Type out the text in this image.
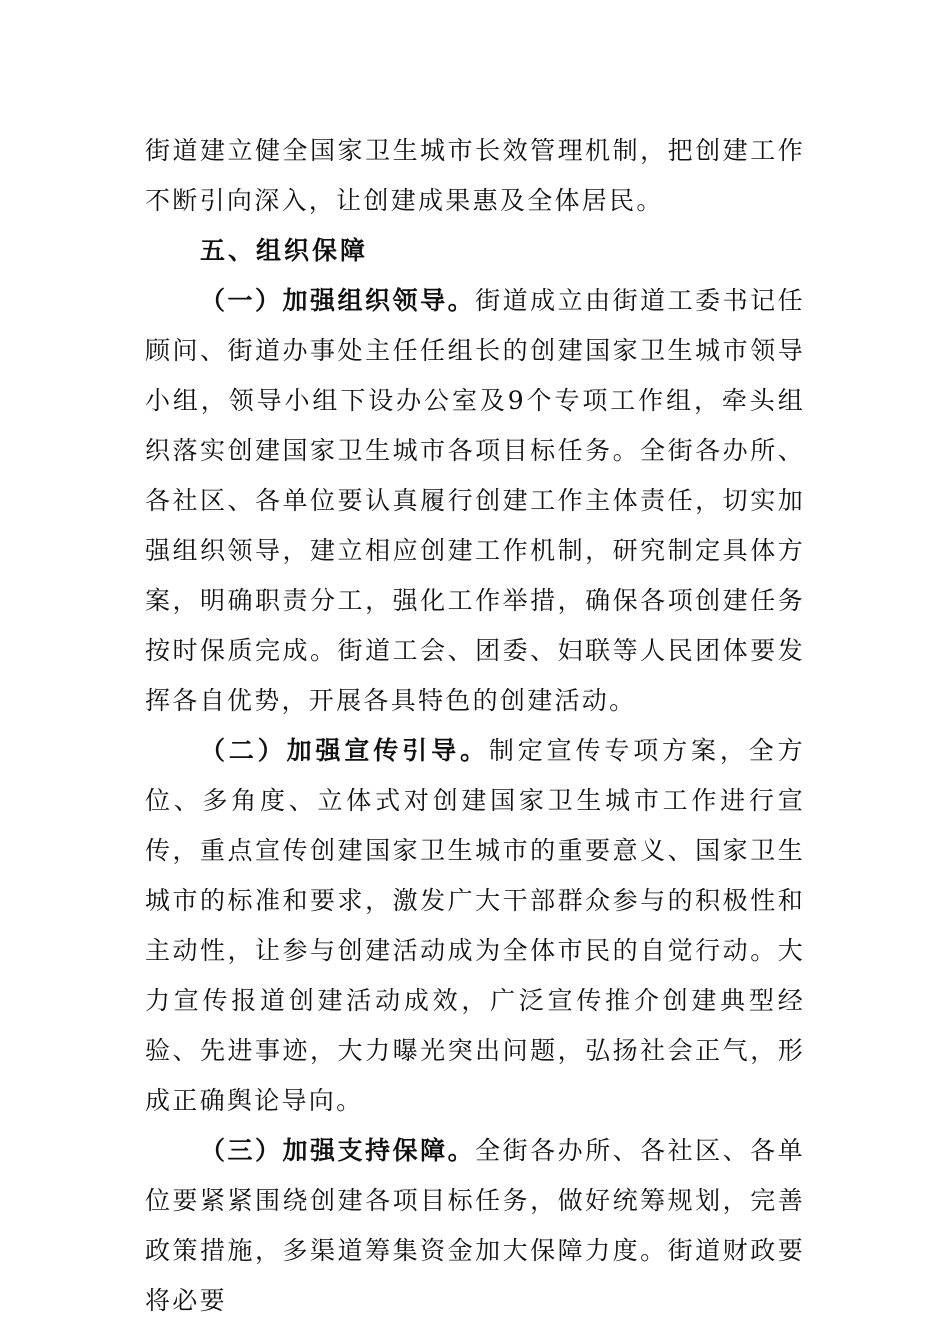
街道建立健全国家卫生城市长效管理机制，把创建工作不断引向深入，让创建成果惠及全体居民。

五、组织保障

（一）加强组织领导。街道成立由街道工委书记任顾问、街道办事处主任任组长的创建国家卫生城市领导小组，领导小组下设办公室及9个专项工作组，牵头组织落实创建国家卫生城市各项目标任务。全街各办所、各社区、各单位要认真履行创建工作主体责任，切实加强组织领导，建立相应创建工作机制，研究制定具体方案，明确职责分工，强化工作举措，确保各项创建任务按时保质完成。街道工会、团委、妇联等人民团体要发挥各自优势，开展各具特色的创建活动。

（二）加强宣传引导。制定宣传专项方案，全方位、多角度、立体式对创建国家卫生城市工作进行宣传，重点宣传创建国家卫生城市的重要意义、国家卫生城市的标准和要求，激发广大干部群众参与的积极性和主动性，让参与创建活动成为全体市民的自觉行动。大力宣传报道创建活动成效，广泛宣传推介创建典型经验、先进事迹，大力曝光突出问题，弘扬社会正气，形成正确舆论导向。

（三）加强支持保障。全街各办所、各社区、各单位要紧紧围绕创建各项目标任务，做好统筹规划，完善政策措施，多渠道筹集资金加大保障力度。街道财政要将必要
